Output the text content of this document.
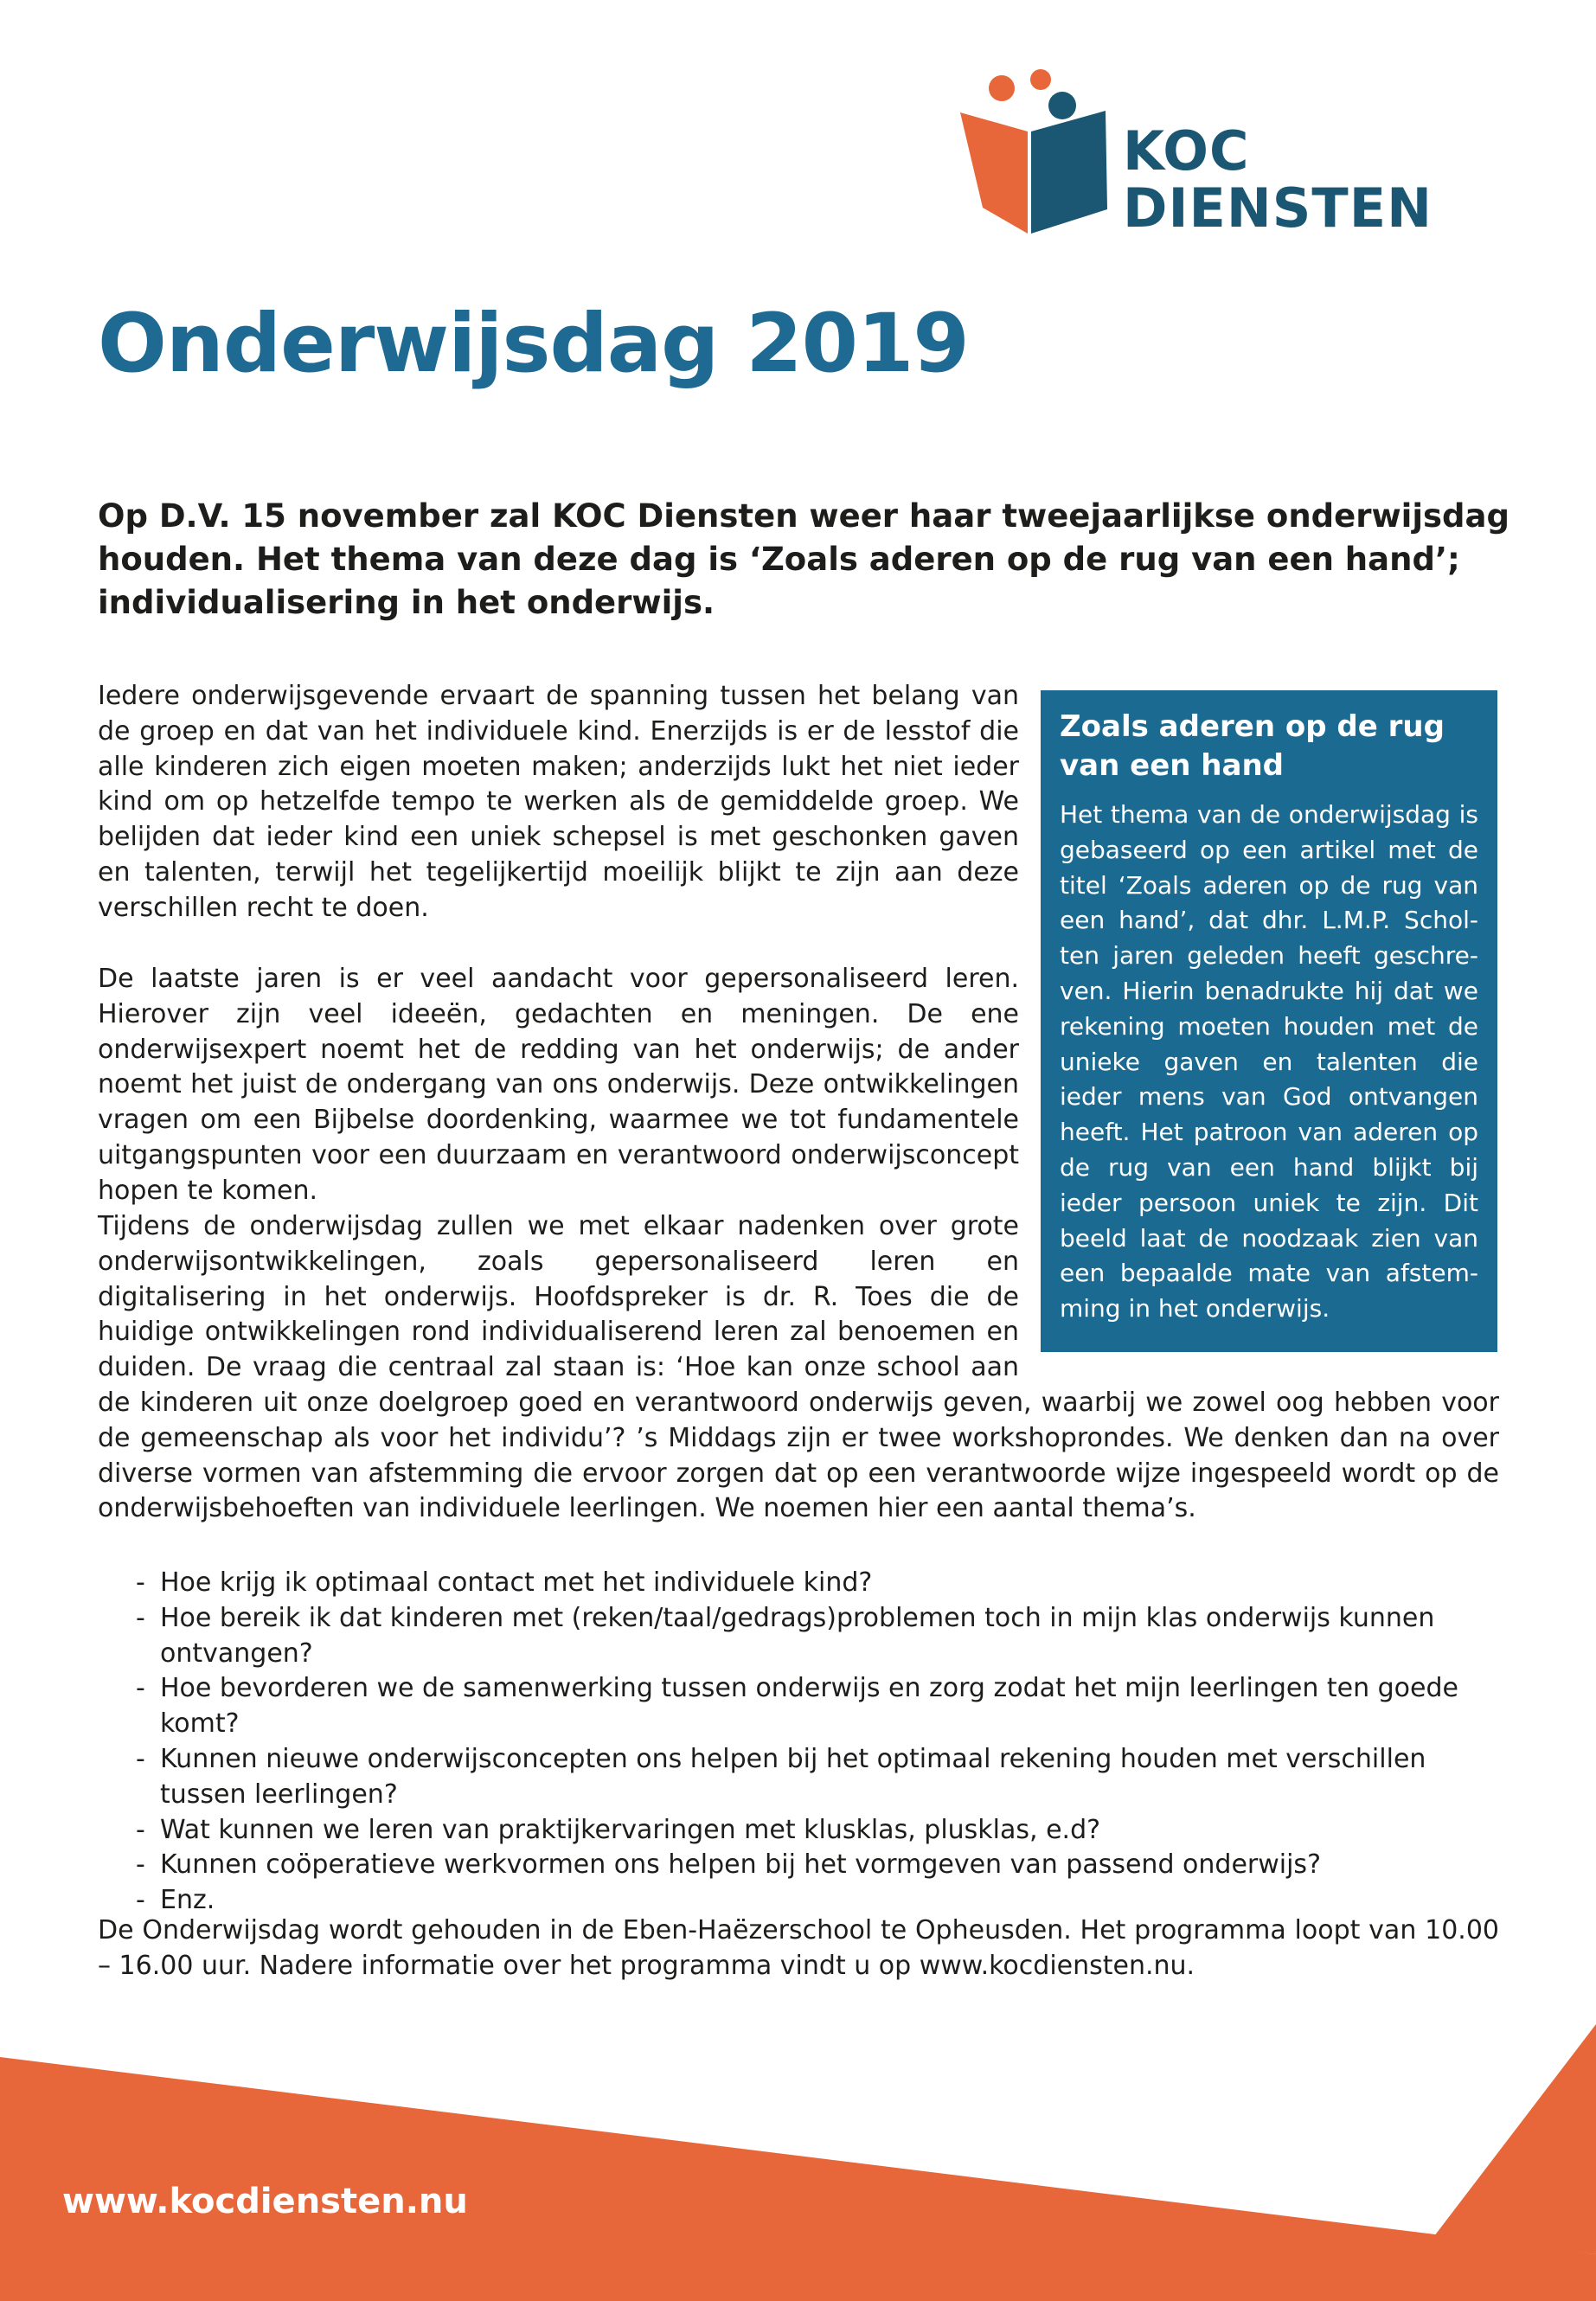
KOC
DIENSTEN
Onderwijsdag 2019

Op D.V. 15 november zal KOC Diensten weer haar tweejaarlijkse onderwijsdag houden. Het thema van deze dag is ‘Zoals aderen op de rug van een hand’; individualisering in het onderwijs.

Iedere onderwijsgevende ervaart de spanning tussen het belang van de groep en dat van het individuele kind. Enerzijds is er de lesstof die alle kinderen zich eigen moeten maken; anderzijds lukt het niet ieder kind om op hetzelfde tempo te werken als de gemiddelde groep. We belijden dat ieder kind een uniek schepsel is met geschonken gaven en talenten, terwijl het tegelijkertijd moeilijk blijkt te zijn aan deze verschillen recht te doen.

De laatste jaren is er veel aandacht voor gepersonaliseerd leren. Hierover zijn veel ideeën, gedachten en meningen. De ene onderwijsexpert noemt het de redding van het onderwijs; de ander noemt het juist de ondergang van ons onderwijs. Deze ontwikkelingen vragen om een Bijbelse doordenking, waarmee we tot fundamentele uitgangspunten voor een duurzaam en verantwoord onderwijsconcept hopen te komen.

Tijdens de onderwijsdag zullen we met elkaar nadenken over grote onderwijsontwikkelingen, zoals gepersonaliseerd leren en digitalisering in het onderwijs. Hoofdspreker is dr. R. Toes die de huidige ontwikkelingen rond individualiserend leren zal benoemen en duiden. De vraag die centraal zal staan is: ‘Hoe kan onze school aan de kinderen uit onze doelgroep goed en verantwoord onderwijs geven, waarbij we zowel oog hebben voor de gemeenschap als voor het individu’? ’s Middags zijn er twee workshoprondes. We denken dan na over diverse vormen van afstemming die ervoor zorgen dat op een verantwoorde wijze ingespeeld wordt op de onderwijsbehoeften van individuele leerlingen. We noemen hier een aantal thema’s.

Zoals aderen op de rug van een hand

Het thema van de onderwijsdag is gebaseerd op een artikel met de titel ‘Zoals aderen op de rug van een hand’, dat dhr. L.M.P. Scholten jaren geleden heeft geschreven. Hierin benadrukte hij dat we rekening moeten houden met de unieke gaven en talenten die ieder mens van God ontvangen heeft. Het patroon van aderen op de rug van een hand blijkt bij ieder persoon uniek te zijn. Dit beeld laat de noodzaak zien van een bepaalde mate van afstemming in het onderwijs.

- Hoe krijg ik optimaal contact met het individuele kind?
- Hoe bereik ik dat kinderen met (reken/taal/gedrags)problemen toch in mijn klas onderwijs kunnen ontvangen?
- Hoe bevorderen we de samenwerking tussen onderwijs en zorg zodat het mijn leerlingen ten goede komt?
- Kunnen nieuwe onderwijsconcepten ons helpen bij het optimaal rekening houden met verschillen tussen leerlingen?
- Wat kunnen we leren van praktijkervaringen met klusklas, plusklas, e.d?
- Kunnen coöperatieve werkvormen ons helpen bij het vormgeven van passend onderwijs?
- Enz.

De Onderwijsdag wordt gehouden in de Eben-Haëzerschool te Opheusden. Het programma loopt van 10.00 – 16.00 uur. Nadere informatie over het programma vindt u op www.kocdiensten.nu.

www.kocdiensten.nu
